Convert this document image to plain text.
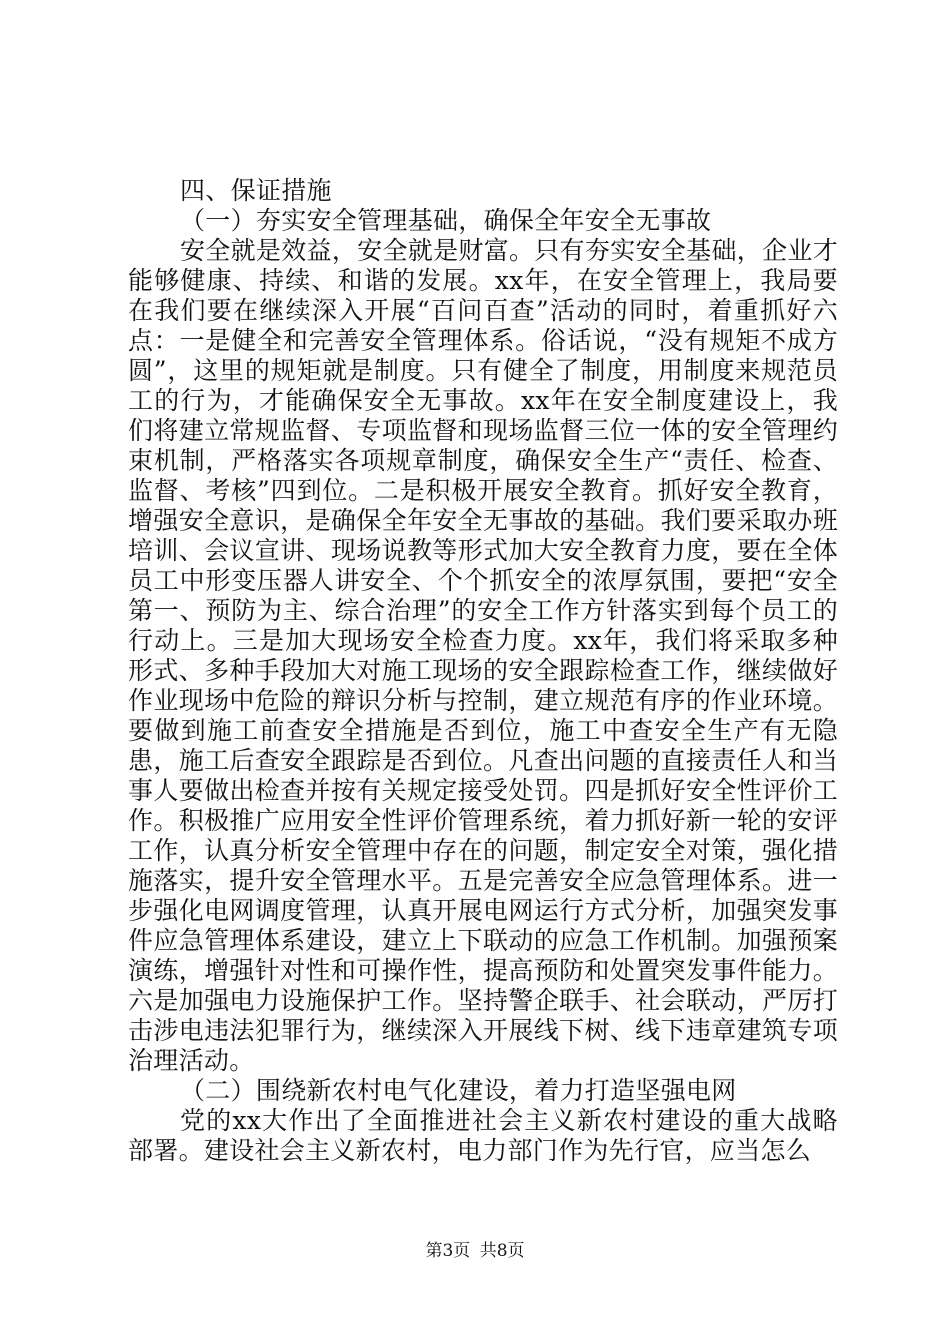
四、保证措施

（一）夯实安全管理基础，确保全年安全无事故

安全就是效益，安全就是财富。只有夯实安全基础，企业才能够健康、持续、和谐的发展。xx年，在安全管理上，我局要在我们要在继续深入开展“百问百查”活动的同时，着重抓好六点：一是健全和完善安全管理体系。俗话说，“没有规矩不成方圆”，这里的规矩就是制度。只有健全了制度，用制度来规范员工的行为，才能确保安全无事故。xx年在安全制度建设上，我们将建立常规监督、专项监督和现场监督三位一体的安全管理约束机制，严格落实各项规章制度，确保安全生产“责任、检查、监督、考核”四到位。二是积极开展安全教育。抓好安全教育，增强安全意识，是确保全年安全无事故的基础。我们要采取办班培训、会议宣讲、现场说教等形式加大安全教育力度，要在全体员工中形变压器人讲安全、个个抓安全的浓厚氛围，要把“安全第一、预防为主、综合治理”的安全工作方针落实到每个员工的行动上。三是加大现场安全检查力度。xx年，我们将采取多种形式、多种手段加大对施工现场的安全跟踪检查工作，继续做好作业现场中危险的辩识分析与控制，建立规范有序的作业环境。要做到施工前查安全措施是否到位，施工中查安全生产有无隐患，施工后查安全跟踪是否到位。凡查出问题的直接责任人和当事人要做出检查并按有关规定接受处罚。四是抓好安全性评价工作。积极推广应用安全性评价管理系统，着力抓好新一轮的安评工作，认真分析安全管理中存在的问题，制定安全对策，强化措施落实，提升安全管理水平。五是完善安全应急管理体系。进一步强化电网调度管理，认真开展电网运行方式分析，加强突发事件应急管理体系建设，建立上下联动的应急工作机制。加强预案演练，增强针对性和可操作性，提高预防和处置突发事件能力。六是加强电力设施保护工作。坚持警企联手、社会联动，严厉打击涉电违法犯罪行为，继续深入开展线下树、线下违章建筑专项治理活动。

（二）围绕新农村电气化建设，着力打造坚强电网

党的xx大作出了全面推进社会主义新农村建设的重大战略部署。建设社会主义新农村，电力部门作为先行官，应当怎么

第3页 共8页
